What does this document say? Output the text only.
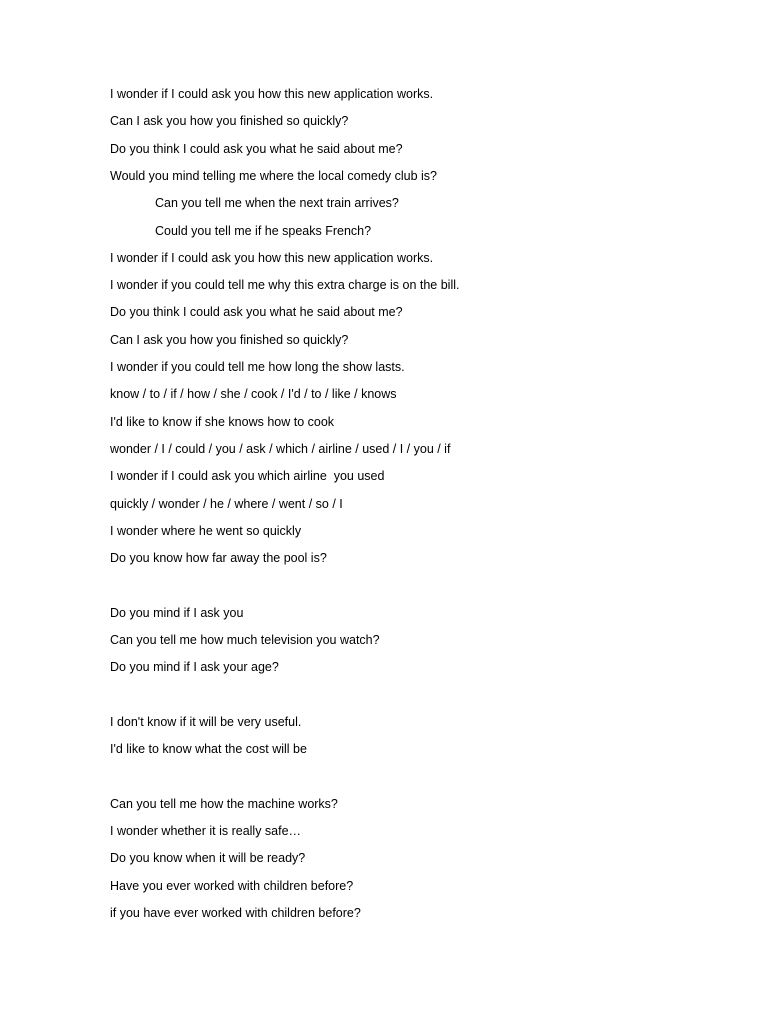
I wonder if I could ask you how this new application works.
Can I ask you how you finished so quickly?
Do you think I could ask you what he said about me?
Would you mind telling me where the local comedy club is?
Can you tell me when the next train arrives?
Could you tell me if he speaks French?
I wonder if I could ask you how this new application works.
I wonder if you could tell me why this extra charge is on the bill.
Do you think I could ask you what he said about me?
Can I ask you how you finished so quickly?
I wonder if you could tell me how long the show lasts.
know / to / if / how / she / cook / I'd / to / like / knows
I'd like to know if she knows how to cook
wonder / I / could / you / ask / which / airline / used / I / you / if
I wonder if I could ask you which airline  you used
quickly / wonder / he / where / went / so / I
I wonder where he went so quickly
Do you know how far away the pool is?
Do you mind if I ask you
Can you tell me how much television you watch?
Do you mind if I ask your age?
I don't know if it will be very useful.
I'd like to know what the cost will be
Can you tell me how the machine works?
I wonder whether it is really safe…
Do you know when it will be ready?
Have you ever worked with children before?
if you have ever worked with children before?
